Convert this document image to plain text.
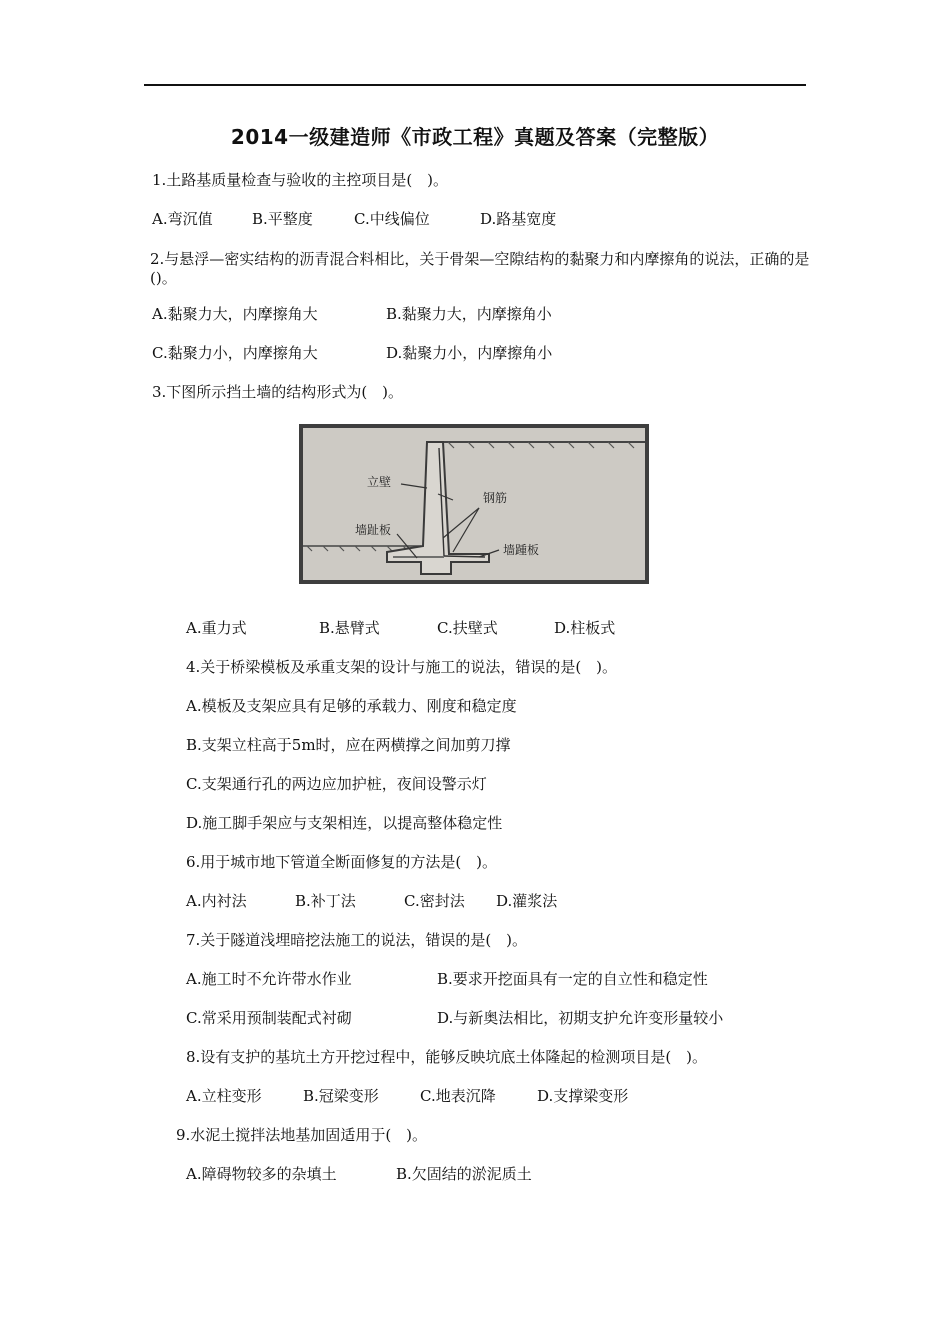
2014一级建造师《市政工程》真题及答案（完整版）
1.土路基质量检查与验收的主控项目是(　)。
A.弯沉值	B.平整度	C.中线偏位	D.路基宽度
2.与悬浮—密实结构的沥青混合料相比，关于骨架—空隙结构的黏聚力和内摩擦角的说法，正确的是()。
A.黏聚力大，内摩擦角大	B.黏聚力大，内摩擦角小
C.黏聚力小，内摩擦角大	D.黏聚力小，内摩擦角小
3.下图所示挡土墙的结构形式为(　)。
立壁
钢筋
墙趾板
墙踵板
A.重力式	B.悬臂式	C.扶壁式	D.柱板式
4.关于桥梁模板及承重支架的设计与施工的说法，错误的是(　)。
A.模板及支架应具有足够的承载力、刚度和稳定度
B.支架立柱高于5m时，应在两横撑之间加剪刀撑
C.支架通行孔的两边应加护桩，夜间设警示灯
D.施工脚手架应与支架相连，以提高整体稳定性
6.用于城市地下管道全断面修复的方法是(　)。
A.内衬法	B.补丁法	C.密封法 D.灌浆法
7.关于隧道浅埋暗挖法施工的说法，错误的是(　)。
A.施工时不允许带水作业	B.要求开挖面具有一定的自立性和稳定性
C.常采用预制装配式衬砌	D.与新奥法相比，初期支护允许变形量较小
8.设有支护的基坑土方开挖过程中，能够反映坑底土体隆起的检测项目是(　)。
A.立柱变形	B.冠梁变形	C.地表沉降	D.支撑梁变形
9.水泥土搅拌法地基加固适用于(　)。
A.障碍物较多的杂填土	B.欠固结的淤泥质土
